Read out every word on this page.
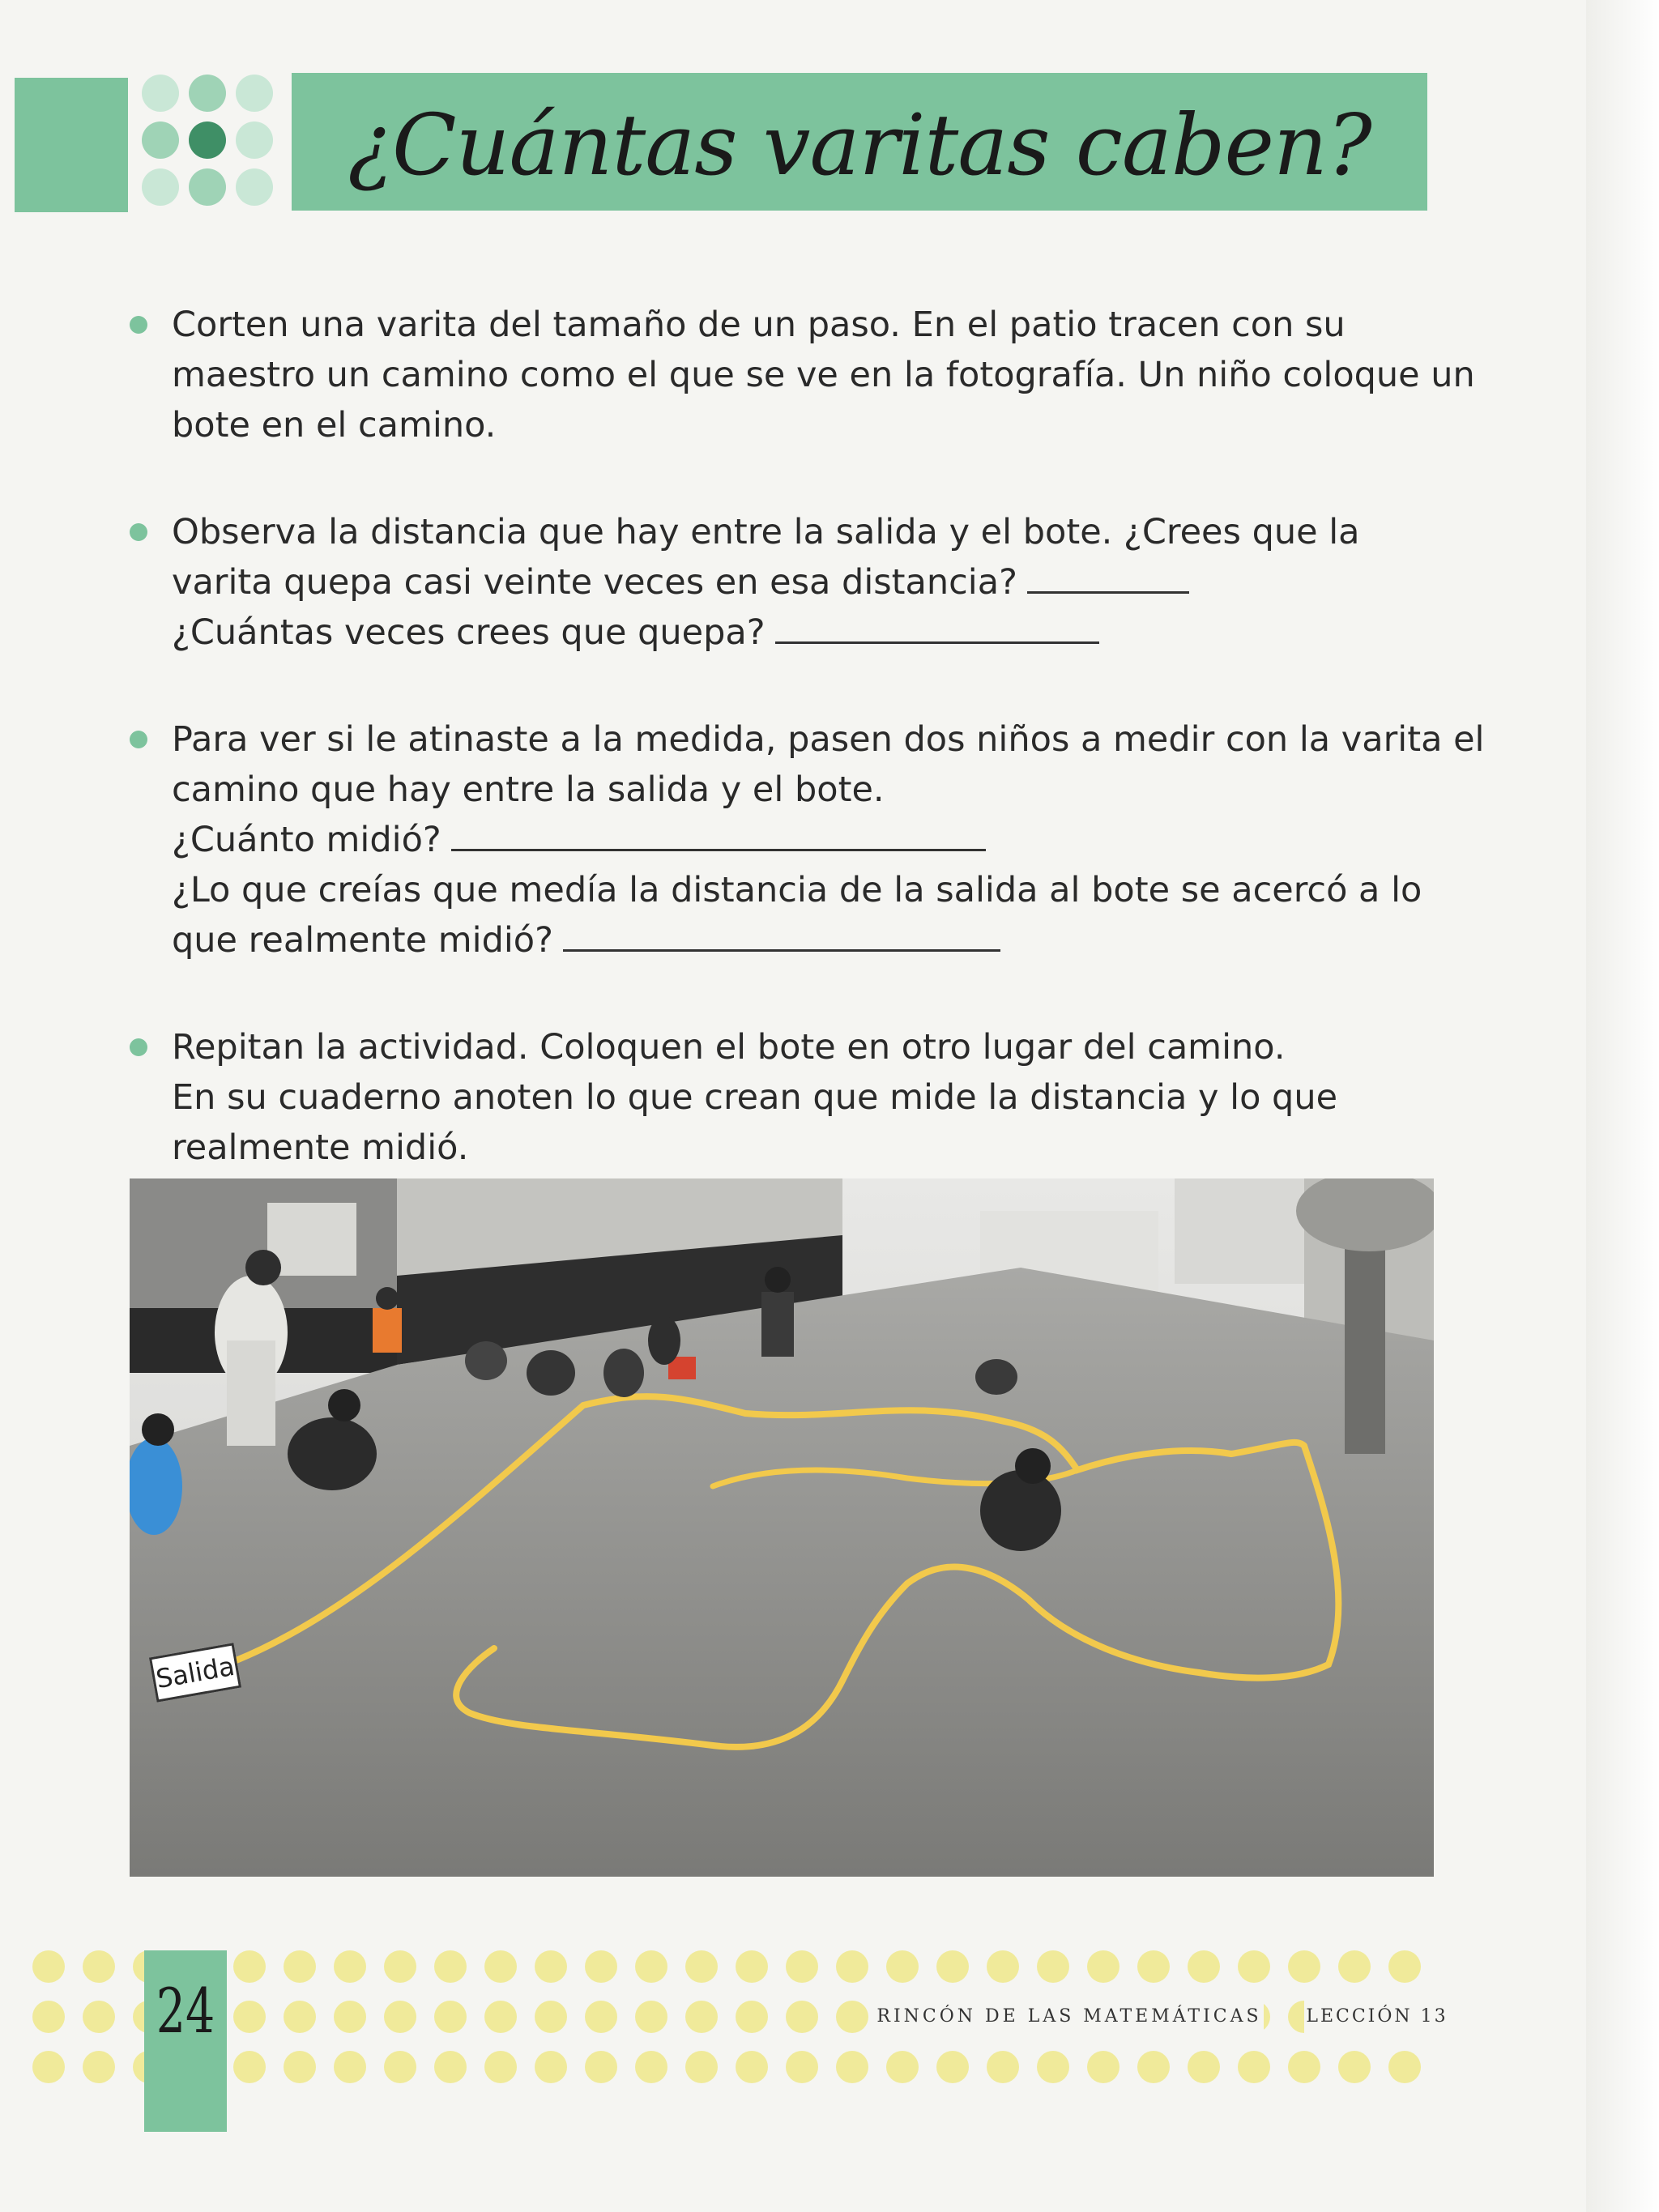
¿Cuántas varitas caben?
Corten una varita del tamaño de un paso. En el patio tracen con su
maestro un camino como el que se ve en la fotografía. Un niño coloque un
bote en el camino.
Observa la distancia que hay entre la salida y el bote. ¿Crees que la
varita quepa casi veinte veces en esa distancia?
¿Cuántas veces crees que quepa?
Para ver si le atinaste a la medida, pasen dos niños a medir con la varita el
camino que hay entre la salida y el bote.
¿Cuánto midió?
¿Lo que creías que medía la distancia de la salida al bote se acercó a lo
que realmente midió?
Repitan la actividad. Coloquen el bote en otro lugar del camino.
En su cuaderno anoten lo que crean que mide la distancia y lo que
realmente midió.
Salida
24	RINCÓN DE LAS MATEMÁTICAS LECCIÓN 13
